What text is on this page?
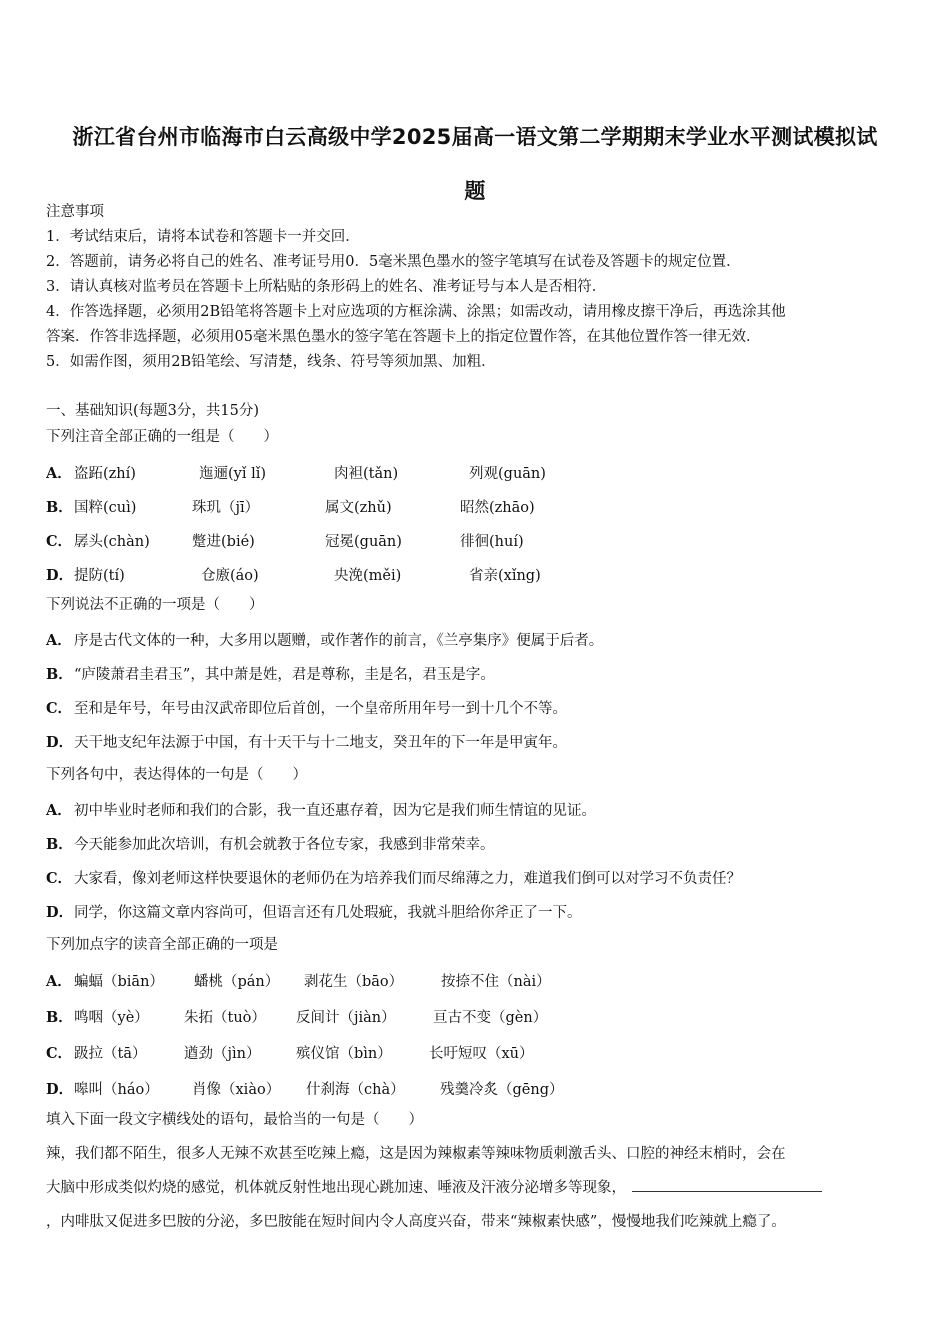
浙江省台州市临海市白云高级中学2025届高一语文第二学期期末学业水平测试模拟试
题
注意事项
1．考试结束后，请将本试卷和答题卡一并交回．
2．答题前，请务必将自己的姓名、准考证号用0．5毫米黑色墨水的签字笔填写在试卷及答题卡的规定位置．
3．请认真核对监考员在答题卡上所粘贴的条形码上的姓名、准考证号与本人是否相符．
4．作答选择题，必须用2B铅笔将答题卡上对应选项的方框涂满、涂黑；如需改动，请用橡皮擦干净后，再选涂其他
答案．作答非选择题，必须用05毫米黑色墨水的签字笔在答题卡上的指定位置作答，在其他位置作答一律无效．
5．如需作图，须用2B铅笔绘、写清楚，线条、符号等须加黑、加粗．
一、基础知识(每题3分，共15分)
下列注音全部正确的一组是（　　）
A． 盗跖(zhí)	迤逦(yǐ lǐ)	肉袒(tǎn)	列观(guān)
B． 国粹(cuì)	珠玑（jī）	属文(zhǔ)	昭然(zhāo)
C． 孱头(chàn)	蹩进(bié)	冠冕(guān)	徘徊(huí)
D． 提防(tí)	仓廒(áo)	央浼(měi)	省亲(xǐng)
下列说法不正确的一项是（　　）
A． 序是古代文体的一种，大多用以题赠，或作著作的前言，《兰亭集序》便属于后者。
B． “庐陵萧君圭君玉”，其中萧是姓，君是尊称，圭是名，君玉是字。
C． 至和是年号，年号由汉武帝即位后首创，一个皇帝所用年号一到十几个不等。
D． 天干地支纪年法源于中国，有十天干与十二地支，癸丑年的下一年是甲寅年。
下列各句中，表达得体的一句是（　　）
A． 初中毕业时老师和我们的合影，我一直还惠存着，因为它是我们师生情谊的见证。
B． 今天能参加此次培训，有机会就教于各位专家，我感到非常荣幸。
C． 大家看，像刘老师这样快要退休的老师仍在为培养我们而尽绵薄之力，难道我们倒可以对学习不负责任？
D． 同学，你这篇文章内容尚可，但语言还有几处瑕疵，我就斗胆给你斧正了一下。
下列加点字的读音全部正确的一项是
A． 蝙蝠（biān）	蟠桃（pán）	剥花生（bāo）	按捺不住（nài）
B． 鸣咽（yè）	朱拓（tuò）	反间计（jiàn）	亘古不变（gèn）
C． 趿拉（tā）	遒劲（jìn）	殡仪馆（bìn）	长吁短叹（xū）
D． 嗥叫（háo）	肖像（xiào）	什刹海（chà）	残羹冷炙（gēng）
填入下面一段文字横线处的语句，最恰当的一句是（　　）
辣，我们都不陌生，很多人无辣不欢甚至吃辣上瘾，这是因为辣椒素等辣味物质刺激舌头、口腔的神经末梢时，会在
大脑中形成类似灼烧的感觉，机体就反射性地出现心跳加速、唾液及汗液分泌增多等现象，
，内啡肽又促进多巴胺的分泌，多巴胺能在短时间内令人高度兴奋，带来“辣椒素快感”，慢慢地我们吃辣就上瘾了。
